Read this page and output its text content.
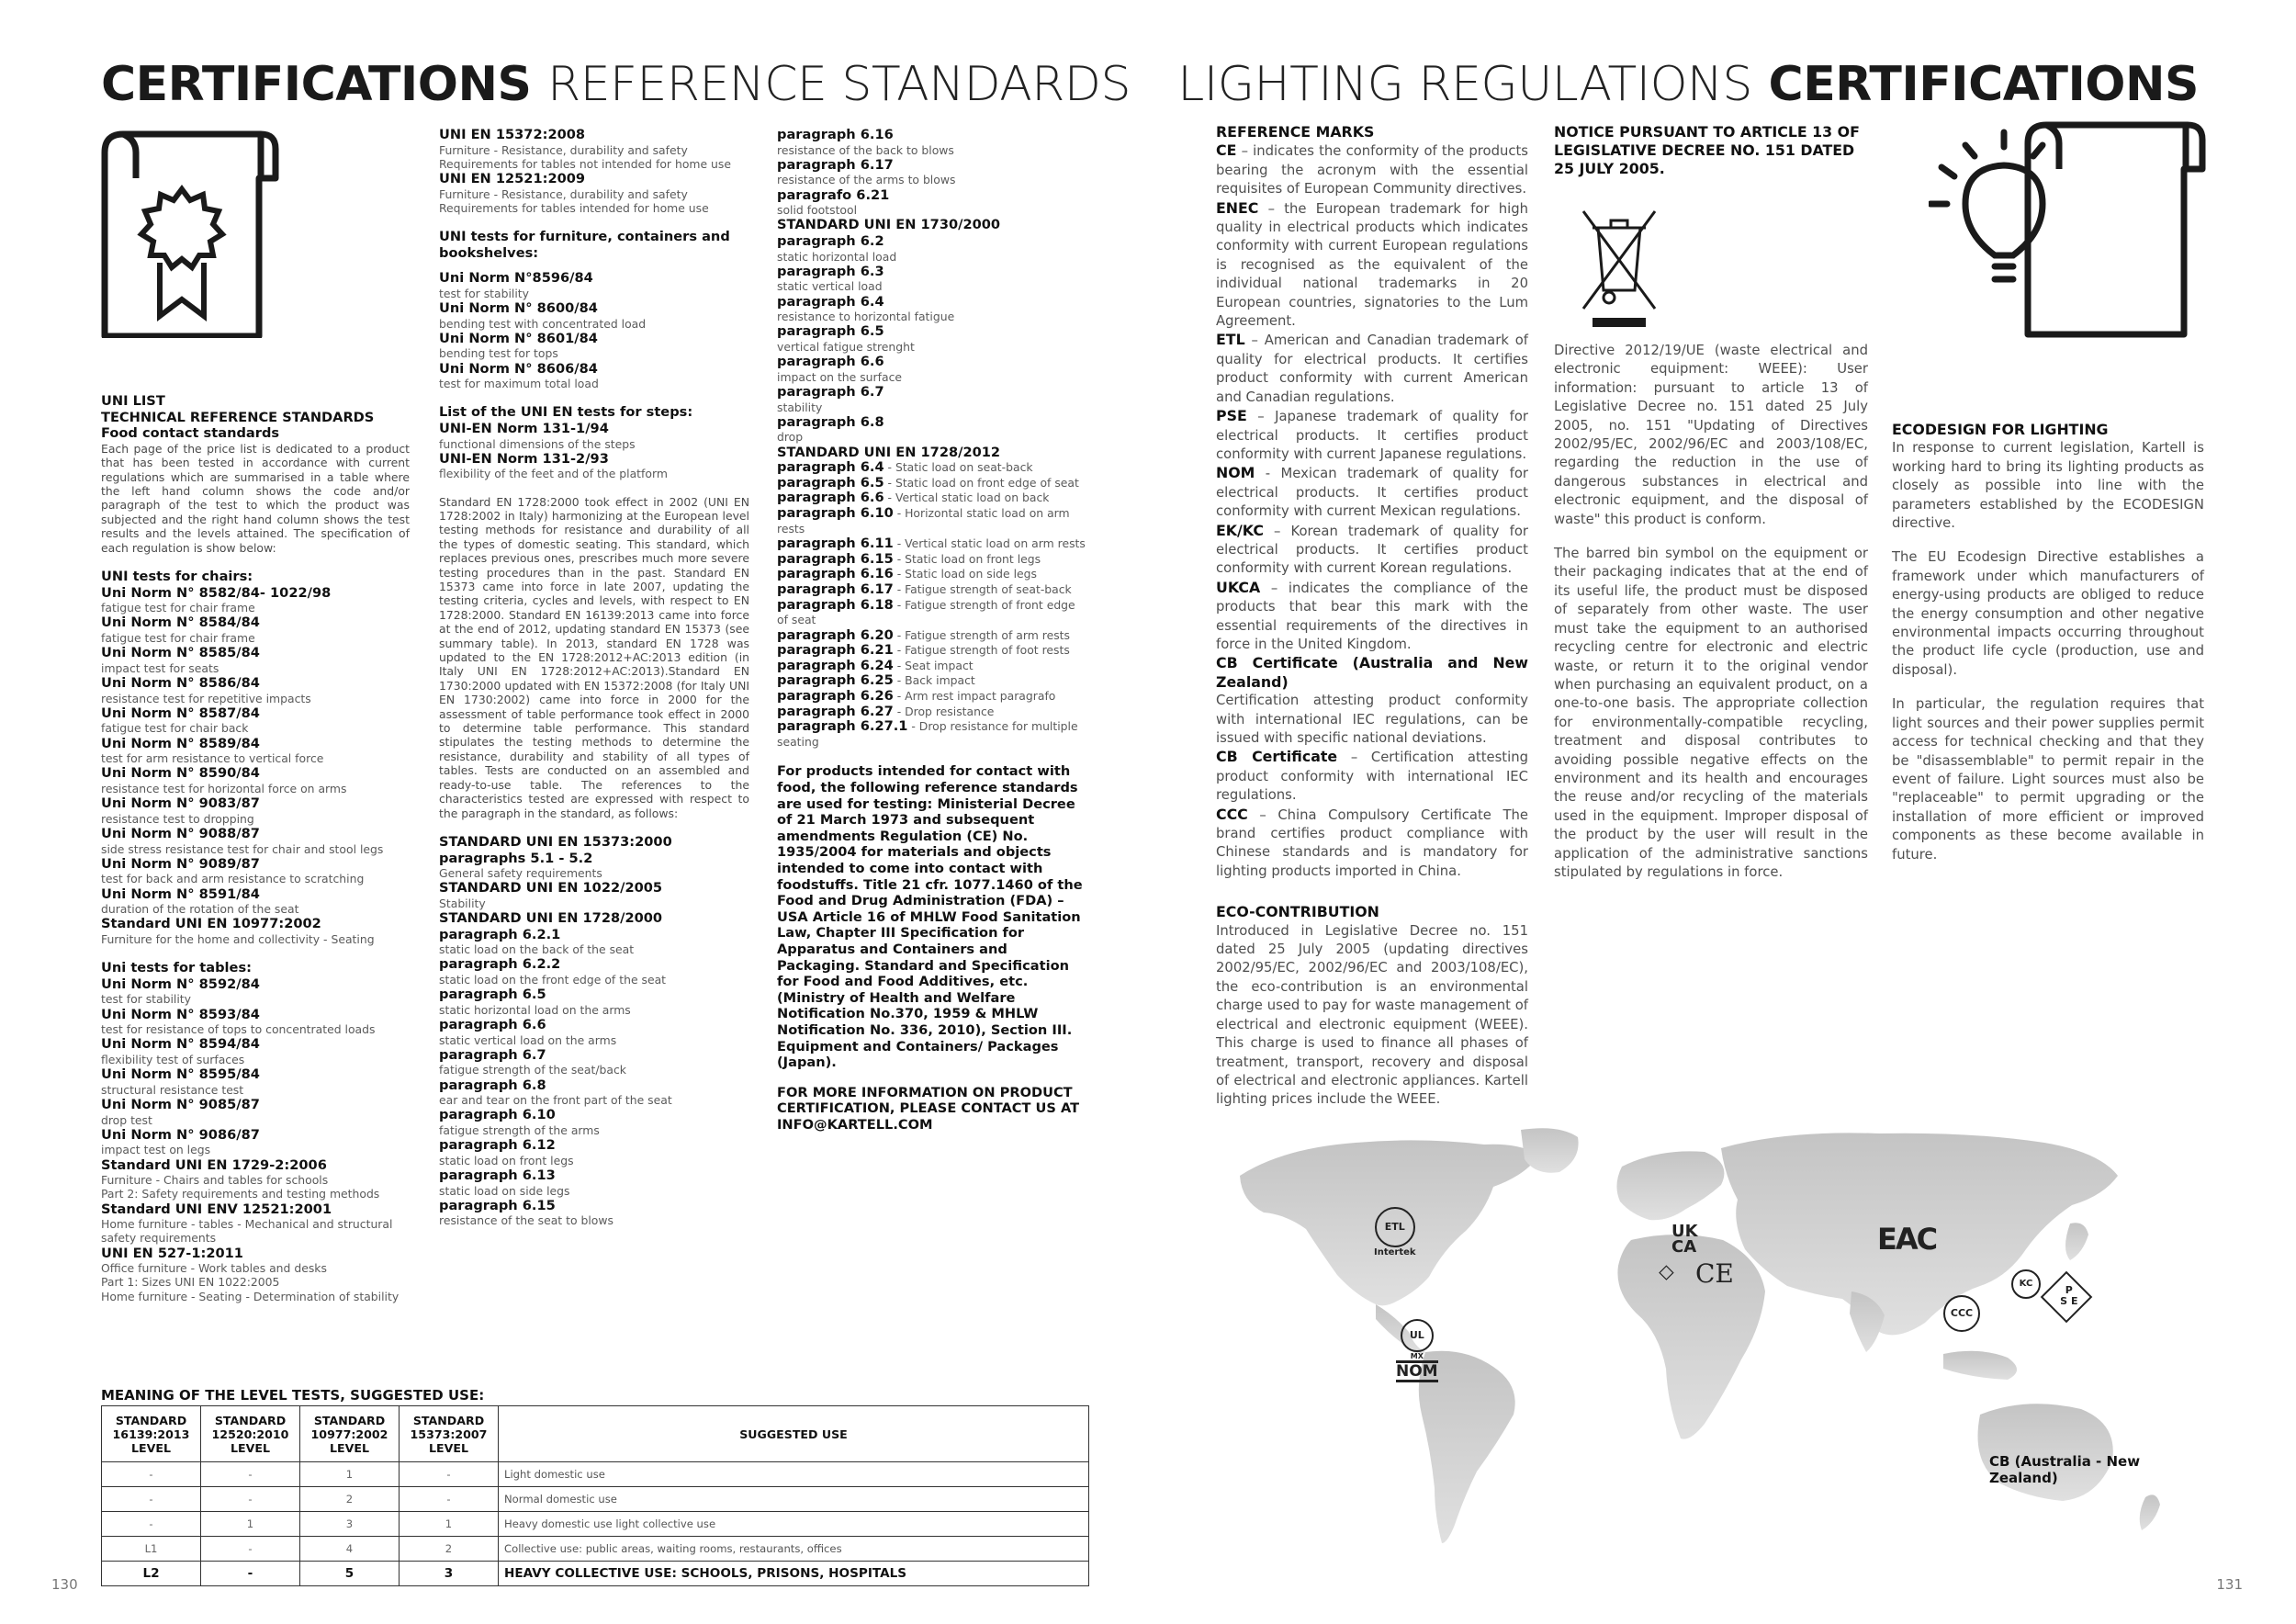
CERTIFICATIONS REFERENCE STANDARDS
UNI LIST
TECHNICAL REFERENCE STANDARDS
Food contact standards

Each page of the price list is dedicated to a product that has been tested in accordance with current regulations which are summarised in a table where the left hand column shows the code and/or paragraph of the test to which the product was subjected and the right hand column shows the test results and the levels attained. The specification of each regulation is show below:

UNI tests for chairs:
Uni Norm N° 8582/84- 1022/98
fatigue test for chair frame
Uni Norm N° 8584/84
fatigue test for chair frame
Uni Norm N° 8585/84
impact test for seats
Uni Norm N° 8586/84
resistance test for repetitive impacts
Uni Norm N° 8587/84
fatigue test for chair back
Uni Norm N° 8589/84
test for arm resistance to vertical force
Uni Norm N° 8590/84
resistance test for horizontal force on arms
Uni Norm N° 9083/87
resistance test to dropping
Uni Norm N° 9088/87
side stress resistance test for chair and stool legs
Uni Norm N° 9089/87
test for back and arm resistance to scratching
Uni Norm N° 8591/84
duration of the rotation of the seat
Standard UNI EN 10977:2002
Furniture for the home and collectivity - Seating
Uni tests for tables:
Uni Norm N° 8592/84
test for stability
Uni Norm N° 8593/84
test for resistance of tops to concentrated loads
Uni Norm N° 8594/84
flexibility test of surfaces
Uni Norm N° 8595/84
structural resistance test
Uni Norm N° 9085/87
drop test
Uni Norm N° 9086/87
impact test on legs
Standard UNI EN 1729-2:2006
Furniture - Chairs and tables for schools
Part 2: Safety requirements and testing methods
Standard UNI ENV 12521:2001
Home furniture - tables - Mechanical and structural safety requirements
UNI EN 527-1:2011
Office furniture - Work tables and desks
Part 1: Sizes UNI EN 1022:2005
Home furniture - Seating - Determination of stability
UNI EN 15372:2008
Furniture - Resistance, durability and safety Requirements for tables not intended for home use
UNI EN 12521:2009
Furniture - Resistance, durability and safety Requirements for tables intended for home use
UNI tests for furniture, containers and bookshelves:
Uni Norm N°8596/84
test for stability
Uni Norm N° 8600/84
bending test with concentrated load
Uni Norm N° 8601/84
bending test for tops
Uni Norm N° 8606/84
test for maximum total load
List of the UNI EN tests for steps:
UNI-EN Norm 131-1/94
functional dimensions of the steps
UNI-EN Norm 131-2/93
flexibility of the feet and of the platform

Standard EN 1728:2000 took effect in 2002 (UNI EN 1728:2002 in Italy) harmonizing at the European level testing methods for resistance and durability of all the types of domestic seating. This standard, which replaces previous ones, prescribes much more severe testing procedures than in the past. Standard EN 15373 came into force in late 2007, updating the testing criteria, cycles and levels, with respect to EN 1728:2000. Standard EN 16139:2013 came into force at the end of 2012, updating standard EN 15373 (see summary table). In 2013, standard EN 1728 was updated to the EN 1728:2012+AC:2013 edition (in Italy UNI EN 1728:2012+AC:2013).Standard EN 1730:2000 updated with EN 15372:2008 (for Italy UNI EN 1730:2002) came into force in 2000 for the assessment of table performance took effect in 2000 to determine table performance. This standard stipulates the testing methods to determine the resistance, durability and stability of all types of tables. Tests are conducted on an assembled and ready-to-use table. The references to the characteristics tested are expressed with respect to the paragraph in the standard, as follows:

STANDARD UNI EN 15373:2000
paragraphs 5.1 - 5.2
General safety requirements
STANDARD UNI EN 1022/2005
Stability
STANDARD UNI EN 1728/2000
paragraph 6.2.1
static load on the back of the seat
paragraph 6.2.2
static load on the front edge of the seat
paragraph 6.5
static horizontal load on the arms
paragraph 6.6
static vertical load on the arms
paragraph 6.7
fatigue strength of the seat/back
paragraph 6.8
ear and tear on the front part of the seat
paragraph 6.10
fatigue strength of the arms
paragraph 6.12
static load on front legs
paragraph 6.13
static load on side legs
paragraph 6.15
resistance of the seat to blows
paragraph 6.16
resistance of the back to blows
paragraph 6.17
resistance of the arms to blows
paragrafo 6.21
solid footstool
STANDARD UNI EN 1730/2000
paragraph 6.2
static horizontal load
paragraph 6.3
static vertical load
paragraph 6.4
resistance to horizontal fatigue
paragraph 6.5
vertical fatigue strenght
paragraph 6.6
impact on the surface
paragraph 6.7
stability
paragraph 6.8
drop
STANDARD UNI EN 1728/2012
paragraph 6.4 - Static load on seat-back
paragraph 6.5 - Static load on front edge of seat
paragraph 6.6 - Vertical static load on back
paragraph 6.10 - Horizontal static load on arm rests
paragraph 6.11 - Vertical static load on arm rests
paragraph 6.15 - Static load on front legs
paragraph 6.16 - Static load on side legs
paragraph 6.17 - Fatigue strength of seat-back
paragraph 6.18 - Fatigue strength of front edge of seat
paragraph 6.20 - Fatigue strength of arm rests
paragraph 6.21 - Fatigue strength of foot rests
paragraph 6.24 - Seat impact
paragraph 6.25 - Back impact
paragraph 6.26 - Arm rest impact paragrafo
paragraph 6.27 - Drop resistance
paragraph 6.27.1 - Drop resistance for multiple seating

For products intended for contact with food, the following reference standards are used for testing: Ministerial Decree of 21 March 1973 and subsequent amendments Regulation (CE) No. 1935/2004 for materials and objects intended to come into contact with foodstuffs. Title 21 cfr. 1077.1460 of the Food and Drug Administration (FDA) – USA Article 16 of MHLW Food Sanitation Law, Chapter III Specification for Apparatus and Containers and Packaging. Standard and Specification for Food and Food Additives, etc. (Ministry of Health and Welfare Notification No.370, 1959 & MHLW Notification No. 336, 2010), Section III. Equipment and Containers/ Packages (Japan).

FOR MORE INFORMATION ON PRODUCT CERTIFICATION, PLEASE CONTACT US AT INFO@KARTELL.COM

MEANING OF THE LEVEL TESTS, SUGGESTED USE:
STANDARD 16139:2013 LEVEL	STANDARD 12520:2010 LEVEL	STANDARD 10977:2002 LEVEL	STANDARD 15373:2007 LEVEL	SUGGESTED USE
-	-	1	-	Light domestic use
-	-	2	-	Normal domestic use
-	1	3	1	Heavy domestic use light collective use
L1	-	4	2	Collective use: public areas, waiting rooms, restaurants, offices
L2	-	5	3	HEAVY COLLECTIVE USE: SCHOOLS, PRISONS, HOSPITALS
130
LIGHTING REGULATIONS CERTIFICATIONS
REFERENCE MARKS

CE – indicates the conformity of the products bearing the acronym with the essential requisites of European Community directives.

ENEC – the European trademark for high quality in electrical products which indicates conformity with current European regulations is recognised as the equivalent of the individual national trademarks in 20 European countries, signatories to the Lum Agreement.

ETL – American and Canadian trademark of quality for electrical products. It certifies product conformity with current American and Canadian regulations.

PSE – Japanese trademark of quality for electrical products. It certifies product conformity with current Japanese regulations.

NOM - Mexican trademark of quality for electrical products. It certifies product conformity with current Mexican regulations.

EK/KC – Korean trademark of quality for electrical products. It certifies product conformity with current Korean regulations.

UKCA – indicates the compliance of the products that bear this mark with the essential requirements of the directives in force in the United Kingdom.

CB Certificate (Australia and New Zealand)
Certification attesting product conformity with international IEC regulations, can be issued with specific national deviations.

CB Certificate – Certification attesting product conformity with international IEC regulations.

CCC – China Compulsory Certificate The brand certifies product compliance with Chinese standards and is mandatory for lighting products imported in China.

ECO-CONTRIBUTION

Introduced in Legislative Decree no. 151 dated 25 July 2005 (updating directives 2002/95/EC, 2002/96/EC and 2003/108/EC), the eco-contribution is an environmental charge used to pay for waste management of electrical and electronic equipment (WEEE). This charge is used to finance all phases of treatment, transport, recovery and disposal of electrical and electronic appliances. Kartell lighting prices include the WEEE.

NOTICE PURSUANT TO ARTICLE 13 OF LEGISLATIVE DECREE NO. 151 DATED 25 JULY 2005.

Directive 2012/19/UE (waste electrical and electronic equipment: WEEE): User information: pursuant to article 13 of Legislative Decree no. 151 dated 25 July 2005, no. 151 "Updating of Directives 2002/95/EC, 2002/96/EC and 2003/108/EC, regarding the reduction in the use of dangerous substances in electrical and electronic equipment, and the disposal of waste" this product is conform.

The barred bin symbol on the equipment or their packaging indicates that at the end of its useful life, the product must be disposed of separately from other waste. The user must take the equipment to an authorised recycling centre for electronic and electric waste, or return it to the original vendor when purchasing an equivalent product, on a one-to-one basis. The appropriate collection for environmentally-compatible recycling, treatment and disposal contributes to avoiding possible negative effects on the environment and its health and encourages the reuse and/or recycling of the materials used in the equipment. Improper disposal of the product by the user will result in the application of the administrative sanctions stipulated by regulations in force.

ECODESIGN FOR LIGHTING

In response to current legislation, Kartell is working hard to bring its lighting products as closely as possible into line with the parameters established by the ECODESIGN directive.

The EU Ecodesign Directive establishes a framework under which manufacturers of energy-using products are obliged to reduce the energy consumption and other negative environmental impacts occurring throughout the product life cycle (production, use and disposal).

In particular, the regulation requires that light sources and their power supplies permit access for technical checking and that they be "disassemblable" to permit repair in the event of failure. Light sources must also be "replaceable" to permit upgrading or the installation of more efficient or improved components as these become available in future.

ETL
Intertek
UL
MX
NOM
UK
CA
⬦ CE
EAC
KC
CCC
P
S E
CB (Australia - New Zealand)
131
